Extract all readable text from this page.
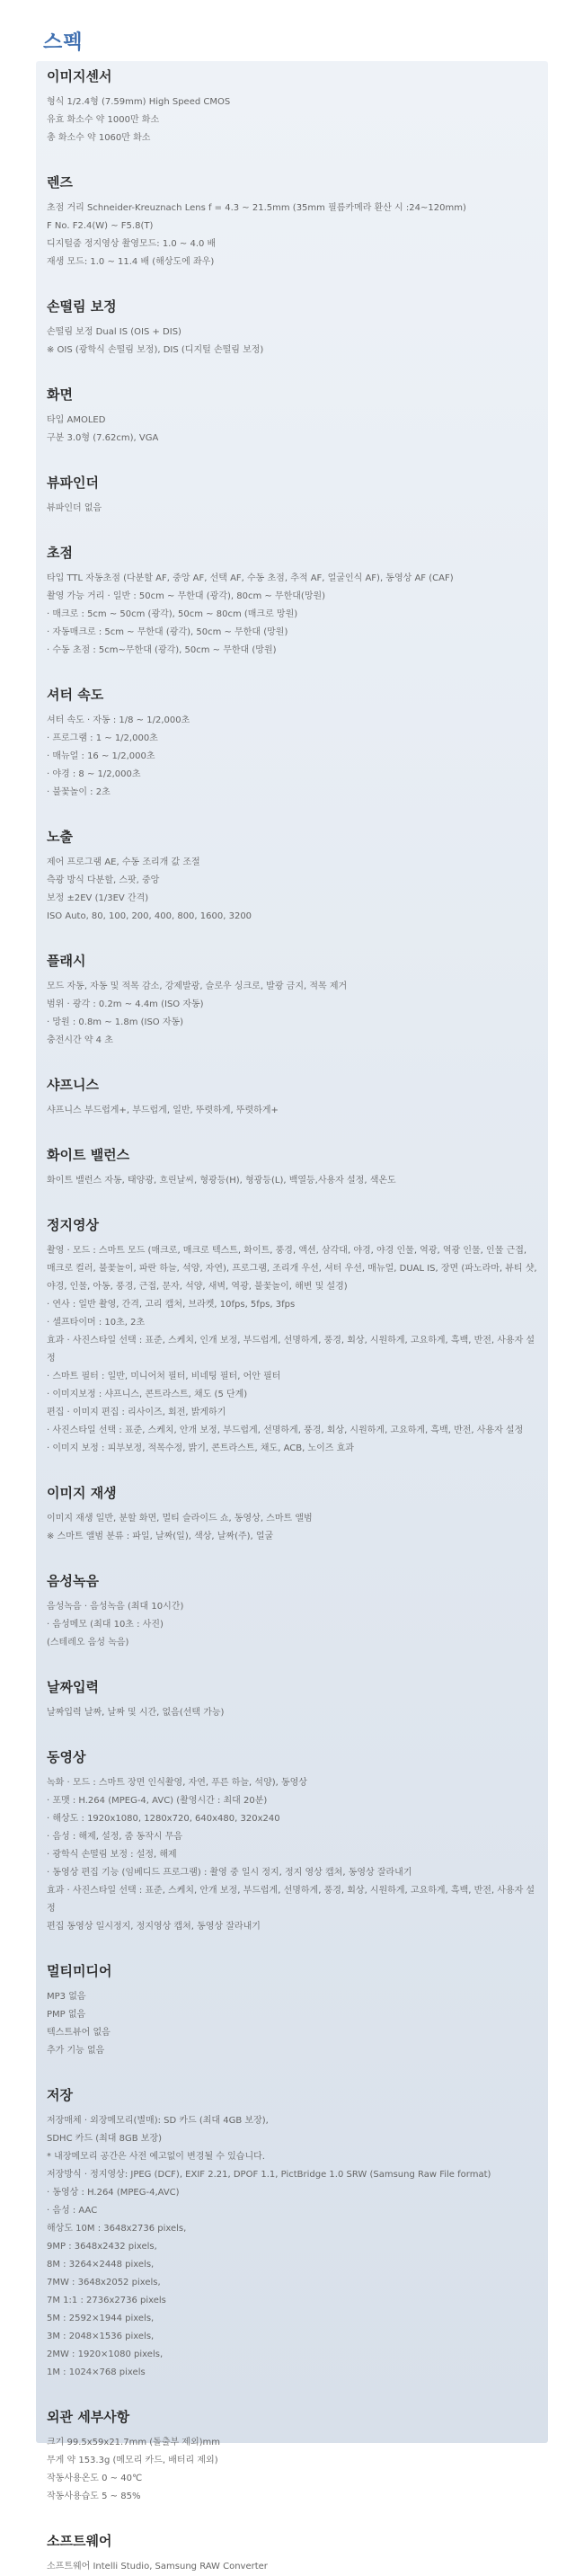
스펙
이미지센서
형식 1/2.4형 (7.59mm) High Speed CMOS
유효 화소수 약 1000만 화소
총 화소수 약 1060만 화소
렌즈
초점 거리 Schneider-Kreuznach Lens f = 4.3 ~ 21.5mm (35mm 필름카메라 환산 시 :24~120mm)
F No. F2.4(W) ~ F5.8(T)
디지털줌 정지영상 촬영모드: 1.0 ~ 4.0 배
재생 모드: 1.0 ~ 11.4 배 (해상도에 좌우)
손떨림 보정
손떨림 보정 Dual IS (OIS + DIS)
※ OIS (광학식 손떨림 보정), DIS (디지털 손떨림 보정)
화면
타입 AMOLED
구분 3.0형 (7.62cm), VGA
뷰파인더
뷰파인더 없음
초점
타입 TTL 자동초점 (다분할 AF, 중앙 AF, 선택 AF, 수동 초점, 추적 AF, 얼굴인식 AF), 동영상 AF (CAF)
촬영 가능 거리 · 일반 : 50cm ~ 무한대 (광각), 80cm ~ 무한대(망원)
· 매크로 : 5cm ~ 50cm (광각), 50cm ~ 80cm (매크로 망원)
· 자동매크로 : 5cm ~ 무한대 (광각), 50cm ~ 무한대 (망원)
· 수동 초점 : 5cm~무한대 (광각), 50cm ~ 무한대 (망원)
셔터 속도
셔터 속도 · 자동 : 1/8 ~ 1/2,000초
· 프로그램 : 1 ~ 1/2,000초
· 매뉴얼 : 16 ~ 1/2,000초
· 야경 : 8 ~ 1/2,000초
· 불꽃놀이 : 2초
노출
제어 프로그램 AE, 수동 조리개 값 조절
측광 방식 다분할, 스팟, 중앙
보정 ±2EV (1/3EV 간격)
ISO Auto, 80, 100, 200, 400, 800, 1600, 3200
플래시
모드 자동, 자동 및 적목 감소, 강제발광, 슬로우 싱크로, 발광 금지, 적목 제거
범위 · 광각 : 0.2m ~ 4.4m (ISO 자동)
· 망원 : 0.8m ~ 1.8m (ISO 자동)
충전시간 약 4 초
샤프니스
샤프니스 부드럽게+, 부드럽게, 일반, 뚜렷하게, 뚜렷하게+
화이트 밸런스
화이트 밸런스 자동, 태양광, 흐린날씨, 형광등(H), 형광등(L), 백열등,사용자 설정, 색온도
정지영상
촬영 · 모드 : 스마트 모드 (매크로, 매크로 텍스트, 화이트, 풍경, 액션, 삼각대, 야경, 야경 인물, 역광, 역광 인물, 인물 근접,
매크로 컬러, 불꽃놀이, 파란 하늘, 석양, 자연), 프로그램, 조리개 우선, 셔터 우선, 매뉴얼, DUAL IS, 장면 (파노라마, 뷰티 샷,
야경, 인물, 아동, 풍경, 근접, 문자, 석양, 새벽, 역광, 불꽃놀이, 해변 및 설경)
· 연사 : 일반 촬영, 간격, 고리 캡처, 브라켓, 10fps, 5fps, 3fps
· 셀프타이머 : 10초, 2초
효과 · 사진스타일 선택 : 표준, 스케치, 인개 보정, 부드럽게, 선명하게, 풍경, 회상, 시원하게, 고요하게, 흑백, 반전, 사용자 설
정
· 스마트 필터 : 일반, 미니어처 필터, 비네팅 필터, 어안 필터
· 이미지보정 : 샤프니스, 콘트라스트, 채도 (5 단계)
편집 · 이미지 편집 : 리사이즈, 회전, 밝게하기
· 사진스타일 선택 : 표준, 스케치, 안개 보정, 부드럽게, 선명하게, 풍경, 회상, 시원하게, 고요하게, 흑백, 반전, 사용자 설정
· 이미지 보정 : 피부보정, 적목수정, 밝기, 콘트라스트, 채도, ACB, 노이즈 효과
이미지 재생
이미지 재생 일반, 분할 화면, 멀티 슬라이드 쇼, 동영상, 스마트 앨범
※ 스마트 앨범 분류 : 파일, 날짜(일), 색상, 날짜(주), 얼굴
음성녹음
음성녹음 · 음성녹음 (최대 10시간)
· 음성메모 (최대 10초 : 사진)
(스테레오 음성 녹음)
날짜입력
날짜입력 날짜, 날짜 및 시간, 없음(선택 가능)
동영상
녹화 · 모드 : 스마트 장면 인식촬영, 자연, 푸른 하늘, 석양), 동영상
· 포맷 : H.264 (MPEG-4, AVC) (촬영시간 : 최대 20분)
· 해상도 : 1920x1080, 1280x720, 640x480, 320x240
· 음성 : 해제, 설정, 줌 동작시 무음
· 광학식 손떨림 보정 : 설정, 해제
· 동영상 편집 기능 (임베디드 프로그램) : 촬영 중 일시 정지, 정지 영상 캡쳐, 동영상 잘라내기
효과 · 사진스타일 선택 : 표준, 스케치, 안개 보정, 부드럽게, 선명하게, 풍경, 회상, 시원하게, 고요하게, 흑백, 반전, 사용자 설
정
편집 동영상 일시정지, 정지영상 캡쳐, 동영상 잘라내기
멀티미디어
MP3 없음
PMP 없음
텍스트뷰어 없음
추가 기능 없음
저장
저장매체 · 외장메모리(별매): SD 카드 (최대 4GB 보장),
SDHC 카드 (최대 8GB 보장)
* 내장메모리 공간은 사전 예고없이 변경될 수 있습니다.
저장방식 · 정지영상: JPEG (DCF), EXIF 2.21, DPOF 1.1, PictBridge 1.0 SRW (Samsung Raw File format)
· 동영상 : H.264 (MPEG-4,AVC)
· 음성 : AAC
해상도 10M : 3648x2736 pixels,
9MP : 3648x2432 pixels,
8M : 3264×2448 pixels,
7MW : 3648x2052 pixels,
7M 1:1 : 2736x2736 pixels
5M : 2592×1944 pixels,
3M : 2048×1536 pixels,
2MW : 1920×1080 pixels,
1M : 1024×768 pixels
외관 세부사항
크기 99.5x59x21.7mm (돌출부 제외)mm
무게 약 153.3g (메모리 카드, 배터리 제외)
작동사용온도 0 ~ 40℃
작동사용습도 5 ~ 85%
소프트웨어
소프트웨어 Intelli Studio, Samsung RAW Converter
